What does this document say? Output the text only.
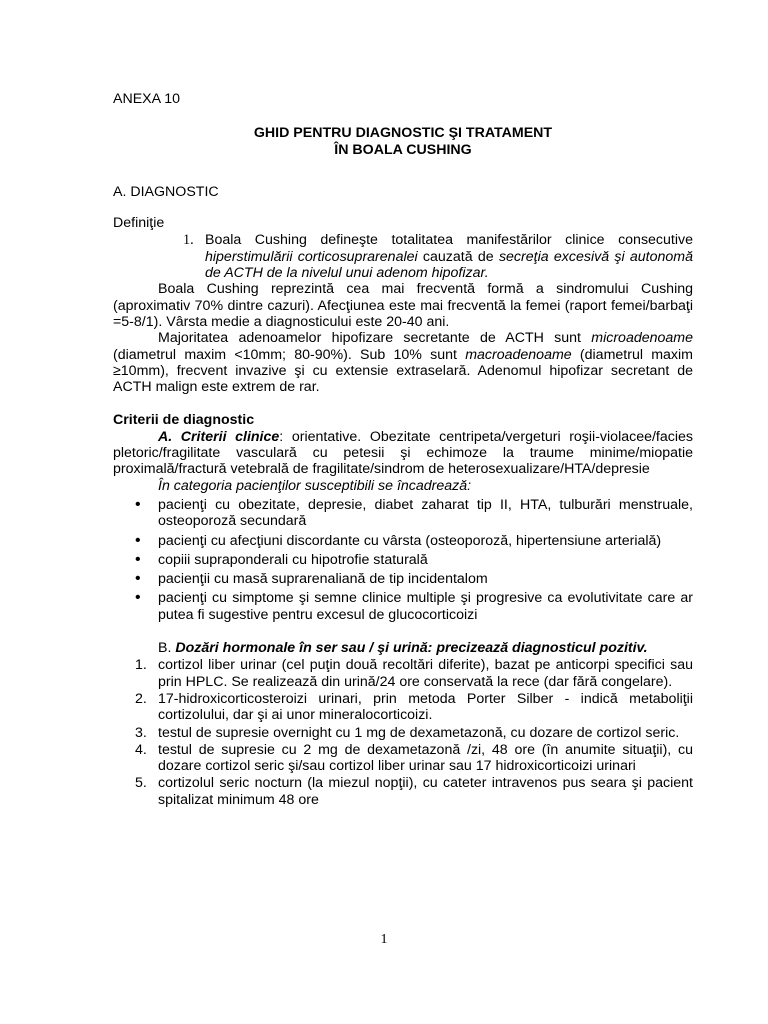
ANEXA 10
GHID PENTRU DIAGNOSTIC ŞI TRATAMENT
ÎN BOALA CUSHING
A. DIAGNOSTIC
Definiţie
1. Boala Cushing defineşte totalitatea manifestărilor clinice consecutive hiperstimulării corticosuprarenalei cauzată de secreţia excesivă şi autonomă de ACTH de la nivelul unui adenom hipofizar.

Boala Cushing reprezintă cea mai frecventă formă a sindromului Cushing (aproximativ 70% dintre cazuri). Afecţiunea este mai frecventă la femei (raport femei/barbaţi =5-8/1). Vârsta medie a diagnosticului este 20-40 ani.

Majoritatea adenoamelor hipofizare secretante de ACTH sunt microadenoame (diametrul maxim <10mm; 80-90%). Sub 10% sunt macroadenoame (diametrul maxim ≥10mm), frecvent invazive şi cu extensie extraselară. Adenomul hipofizar secretant de ACTH malign este extrem de rar.

Criterii de diagnostic

A. Criterii clinice: orientative. Obezitate centripeta/vergeturi roşii-violacee/facies pletoric/fragilitate vasculară cu petesii şi echimoze la traume minime/miopatie proximală/fractură vetebrală de fragilitate/sindrom de heterosexualizare/HTA/depresie

În categoria pacienţilor susceptibili se încadrează:

• pacienţi cu obezitate, depresie, diabet zaharat tip II, HTA, tulburări menstruale, osteoporoză secundară
• pacienţi cu afecţiuni discordante cu vârsta (osteoporoză, hipertensiune arterială)
• copiii supraponderali cu hipotrofie staturală
• pacienţii cu masă suprarenaliană de tip incidentalom
• pacienţi cu simptome şi semne clinice multiple şi progresive ca evolutivitate care ar putea fi sugestive pentru excesul de glucocorticoizi
B. Dozări hormonale în ser sau / şi urină: precizează diagnosticul pozitiv.
1. cortizol liber urinar (cel puţin două recoltări diferite), bazat pe anticorpi specifici sau prin HPLC. Se realizează din urină/24 ore conservată la rece (dar fără congelare).
2. 17-hidroxicorticosteroizi urinari, prin metoda Porter Silber - indică metaboliţii cortizolului, dar şi ai unor mineralocorticoizi.
3. testul de supresie overnight cu 1 mg de dexametazonă, cu dozare de cortizol seric.
4. testul de supresie cu 2 mg de dexametazonă /zi, 48 ore (în anumite situaţii), cu dozare cortizol seric şi/sau cortizol liber urinar sau 17 hidroxicorticoizi urinari
5. cortizolul seric nocturn (la miezul nopţii), cu cateter intravenos pus seara şi pacient spitalizat minimum 48 ore
1
